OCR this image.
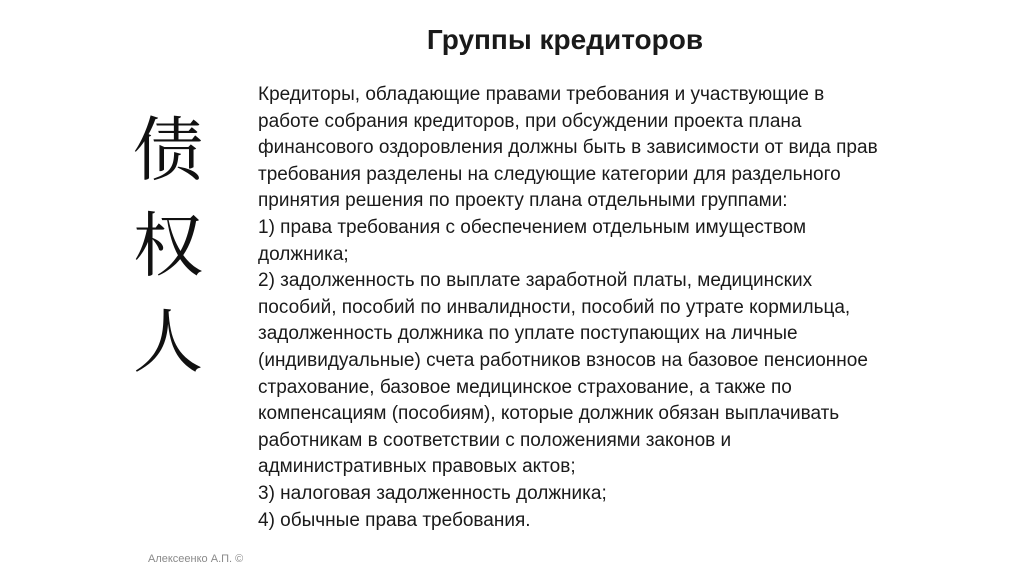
Группы кредиторов
债
权
人

Кредиторы, обладающие правами требования и участвующие в работе собрания кредиторов, при обсуждении проекта плана финансового оздоровления должны быть в зависимости от вида прав требования разделены на следующие категории для раздельного принятия решения по проекту плана отдельными группами:

1) права требования с обеспечением отдельным имуществом должника;

2) задолженность по выплате заработной платы, медицинских пособий, пособий по инвалидности, пособий по утрате кормильца, задолженность должника по уплате поступающих на личные (индивидуальные) счета работников взносов на базовое пенсионное страхование, базовое медицинское страхование, а также по компенсациям (пособиям), которые должник обязан выплачивать работникам в соответствии с положениями законов и административных правовых актов;

3) налоговая задолженность должника;

4) обычные права требования.

Алексеенко А.П. ©
